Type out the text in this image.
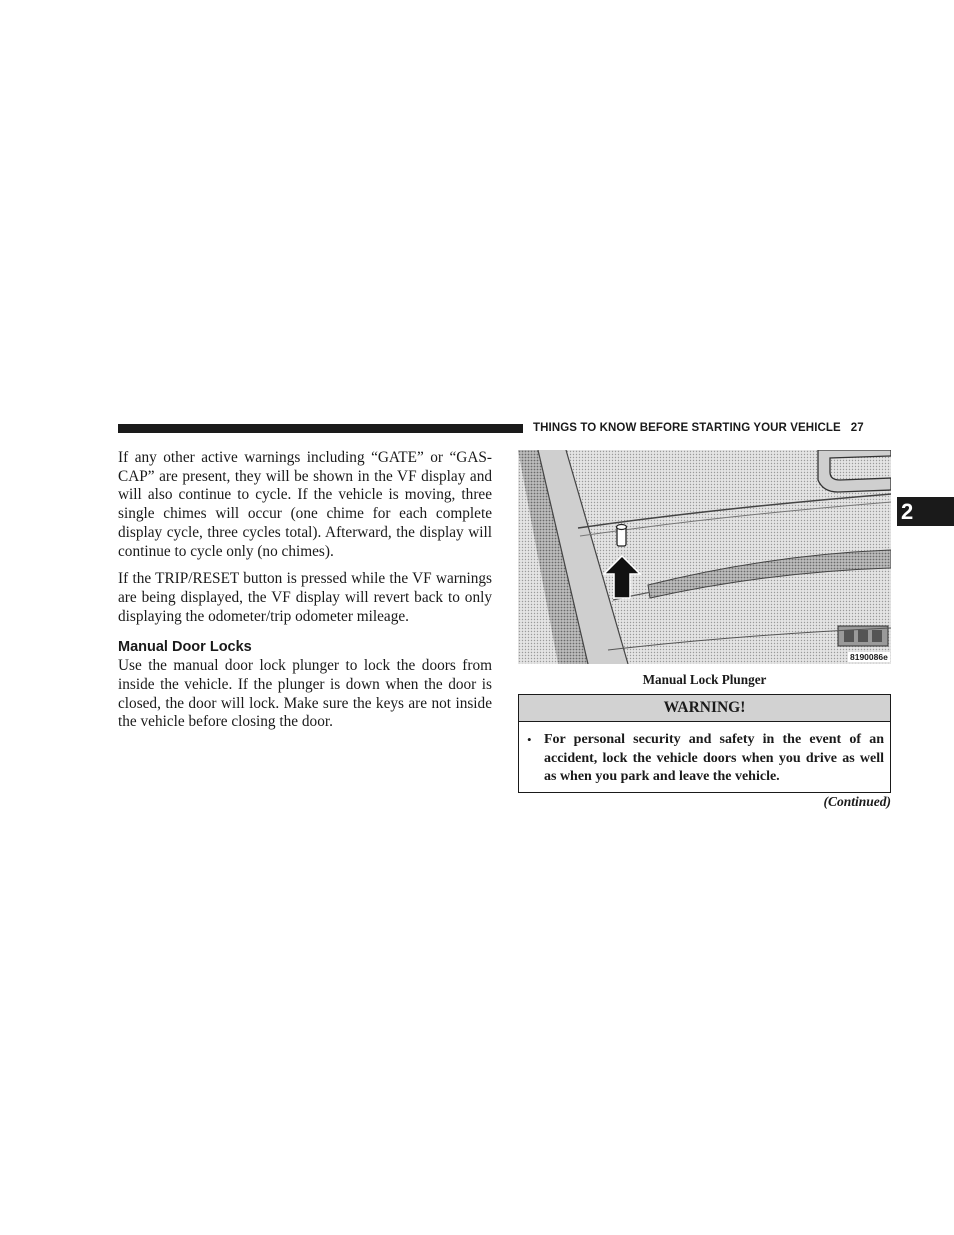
THINGS TO KNOW BEFORE STARTING YOUR VEHICLE 27
2

If any other active warnings including “GATE” or “GAS-CAP” are present, they will be shown in the VF display and will also continue to cycle. If the vehicle is moving, three single chimes will occur (one chime for each complete display cycle, three cycles total). Afterward, the display will continue to cycle only (no chimes).

If the TRIP/RESET button is pressed while the VF warnings are being displayed, the VF display will revert back to only displaying the odometer/trip odometer mileage.

Manual Door Locks

Use the manual door lock plunger to lock the doors from inside the vehicle. If the plunger is down when the door is closed, the door will lock. Make sure the keys are not inside the vehicle before closing the door.

8190086e
Manual Lock Plunger
WARNING!
• For personal security and safety in the event of an accident, lock the vehicle doors when you drive as well as when you park and leave the vehicle.
(Continued)
